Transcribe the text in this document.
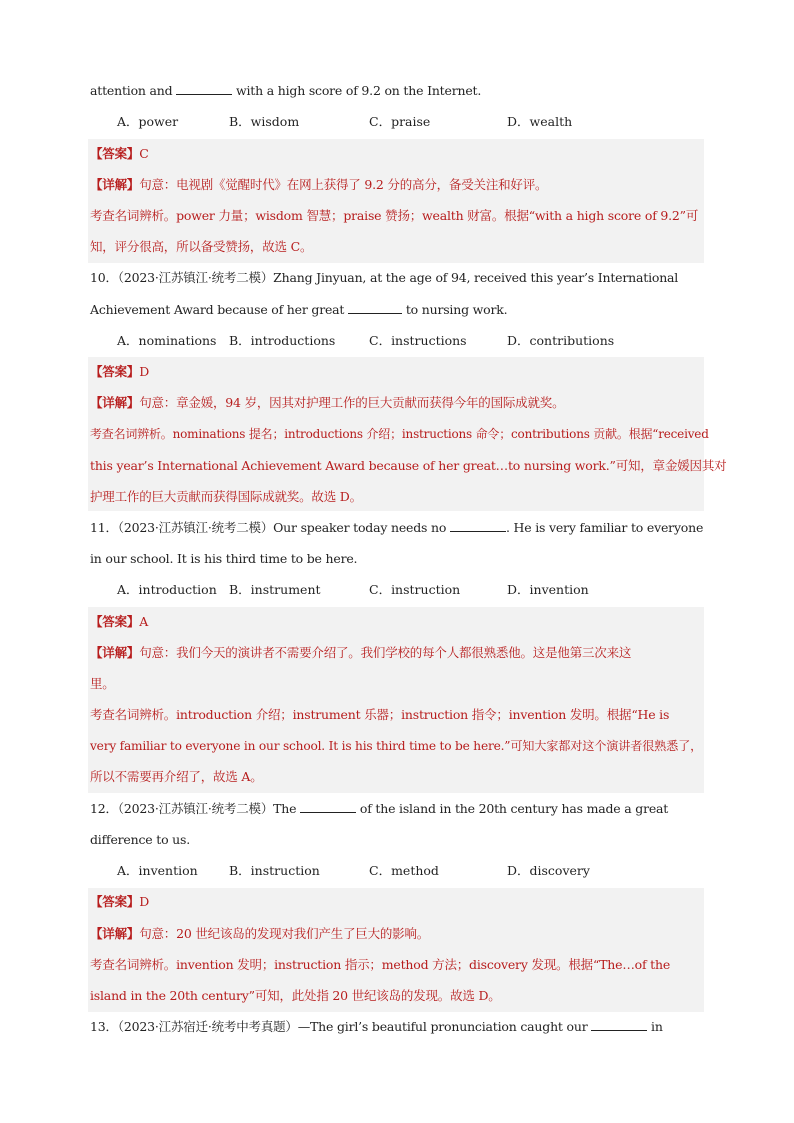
attention and	with a high score of 9.2 on the Internet.
A．power	B．wisdom	C．praise	D．wealth
【答案】C
【详解】句意：电视剧《觉醒时代》在网上获得了 9.2 分的高分，备受关注和好评。
考查名词辨析。power 力量；wisdom 智慧；praise 赞扬；wealth 财富。根据“with a high score of 9.2”可
知，评分很高，所以备受赞扬，故选 C。
10．（2023·江苏镇江·统考二模）Zhang Jinyuan, at the age of 94, received this year’s International
Achievement Award because of her great	to nursing work.
A．nominations B．introductions	C．instructions	D．contributions
【答案】D
【详解】句意：章金媛，94 岁，因其对护理工作的巨大贡献而获得今年的国际成就奖。
考查名词辨析。nominations 提名；introductions 介绍；instructions 命令；contributions 贡献。根据“received
this year’s International Achievement Award because of her great…to nursing work.”可知，章金媛因其对
护理工作的巨大贡献而获得国际成就奖。故选 D。
11．（2023·江苏镇江·统考二模）Our speaker today needs no	. He is very familiar to everyone
in our school. It is his third time to be here.
A．introduction B．instrument	C．instruction	D．invention
【答案】A
【详解】句意：我们今天的演讲者不需要介绍了。我们学校的每个人都很熟悉他。这是他第三次来这
里。
考查名词辨析。introduction 介绍；instrument 乐器；instruction 指令；invention 发明。根据“He is
very familiar to everyone in our school. It is his third time to be here.”可知大家都对这个演讲者很熟悉了，
所以不需要再介绍了，故选 A。
12．（2023·江苏镇江·统考二模）The	of the island in the 20th century has made a great
difference to us.
A．invention	B．instruction	C．method	D．discovery
【答案】D
【详解】句意：20 世纪该岛的发现对我们产生了巨大的影响。
考查名词辨析。invention 发明；instruction 指示；method 方法；discovery 发现。根据“The…of the
island in the 20th century”可知，此处指 20 世纪该岛的发现。故选 D。
13．（2023·江苏宿迁·统考中考真题）—The girl’s beautiful pronunciation caught our	in
